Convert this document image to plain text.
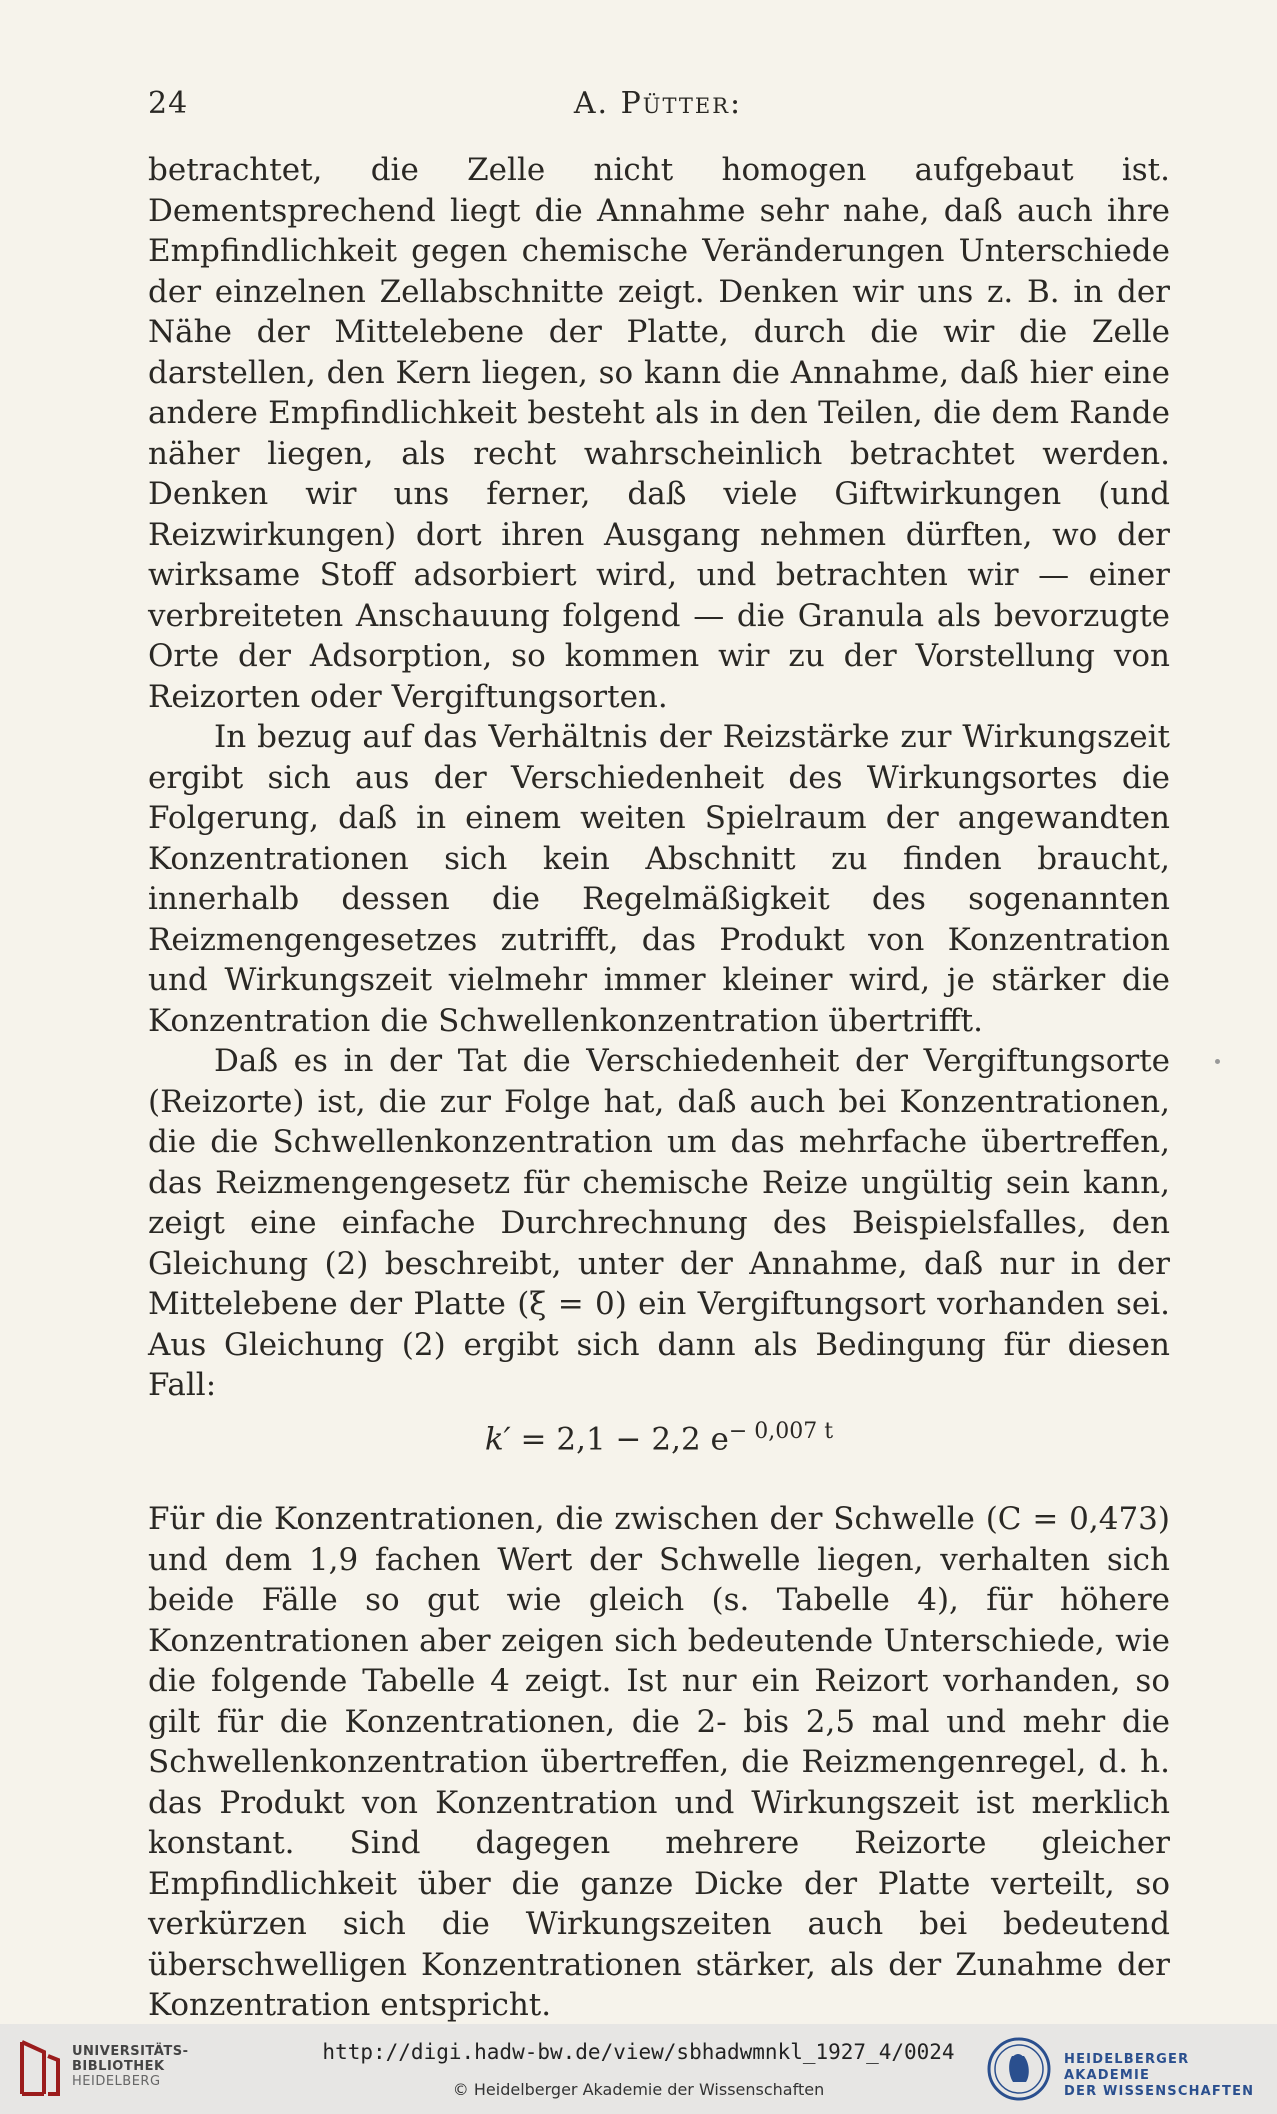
24	A. Pütter:

betrachtet, die Zelle nicht homogen aufgebaut ist. Dementsprechend liegt die Annahme sehr nahe, daß auch ihre Empfindlichkeit gegen chemische Veränderungen Unterschiede der einzelnen Zellabschnitte zeigt. Denken wir uns z. B. in der Nähe der Mittelebene der Platte, durch die wir die Zelle darstellen, den Kern liegen, so kann die Annahme, daß hier eine andere Empfindlichkeit besteht als in den Teilen, die dem Rande näher liegen, als recht wahrscheinlich betrachtet werden. Denken wir uns ferner, daß viele Giftwirkungen (und Reizwirkungen) dort ihren Ausgang nehmen dürften, wo der wirksame Stoff adsorbiert wird, und betrachten wir — einer verbreiteten Anschauung folgend — die Granula als bevorzugte Orte der Adsorption, so kommen wir zu der Vorstellung von Reizorten oder Vergiftungsorten.

In bezug auf das Verhältnis der Reizstärke zur Wirkungszeit ergibt sich aus der Verschiedenheit des Wirkungsortes die Folgerung, daß in einem weiten Spielraum der angewandten Konzentrationen sich kein Abschnitt zu finden braucht, innerhalb dessen die Regelmäßigkeit des sogenannten Reizmengengesetzes zutrifft, das Produkt von Konzentration und Wirkungszeit vielmehr immer kleiner wird, je stärker die Konzentration die Schwellenkonzentration übertrifft.

Daß es in der Tat die Verschiedenheit der Vergiftungsorte (Reizorte) ist, die zur Folge hat, daß auch bei Konzentrationen, die die Schwellenkonzentration um das mehrfache übertreffen, das Reizmengengesetz für chemische Reize ungültig sein kann, zeigt eine einfache Durchrechnung des Beispielsfalles, den Gleichung (2) beschreibt, unter der Annahme, daß nur in der Mittelebene der Platte (ξ = 0) ein Vergiftungsort vorhanden sei. Aus Gleichung (2) ergibt sich dann als Bedingung für diesen Fall:

k′ = 2,1 − 2,2 $e^{- 0,007 t}$

Für die Konzentrationen, die zwischen der Schwelle (C = 0,473) und dem 1,9 fachen Wert der Schwelle liegen, verhalten sich beide Fälle so gut wie gleich (s. Tabelle 4), für höhere Konzentrationen aber zeigen sich bedeutende Unterschiede, wie die folgende Tabelle 4 zeigt. Ist nur ein Reizort vorhanden, so gilt für die Konzentrationen, die 2- bis 2,5 mal und mehr die Schwellenkonzentration übertreffen, die Reizmengenregel, d. h. das Produkt von Konzentration und Wirkungszeit ist merklich konstant. Sind dagegen mehrere Reizorte gleicher Empfindlichkeit über die ganze Dicke der Platte verteilt, so verkürzen sich die Wirkungszeiten auch bei bedeutend überschwelligen Konzentrationen stärker, als der Zunahme der Konzentration entspricht.

UNIVERSITÄTS-
BIBLIOTHEK
HEIDELBERG
http://digi.hadw-bw.de/view/sbhadwmnkl_1927_4/0024
© Heidelberger Akademie der Wissenschaften
HEIDELBERGER AKADEMIE
DER WISSENSCHAFTEN
